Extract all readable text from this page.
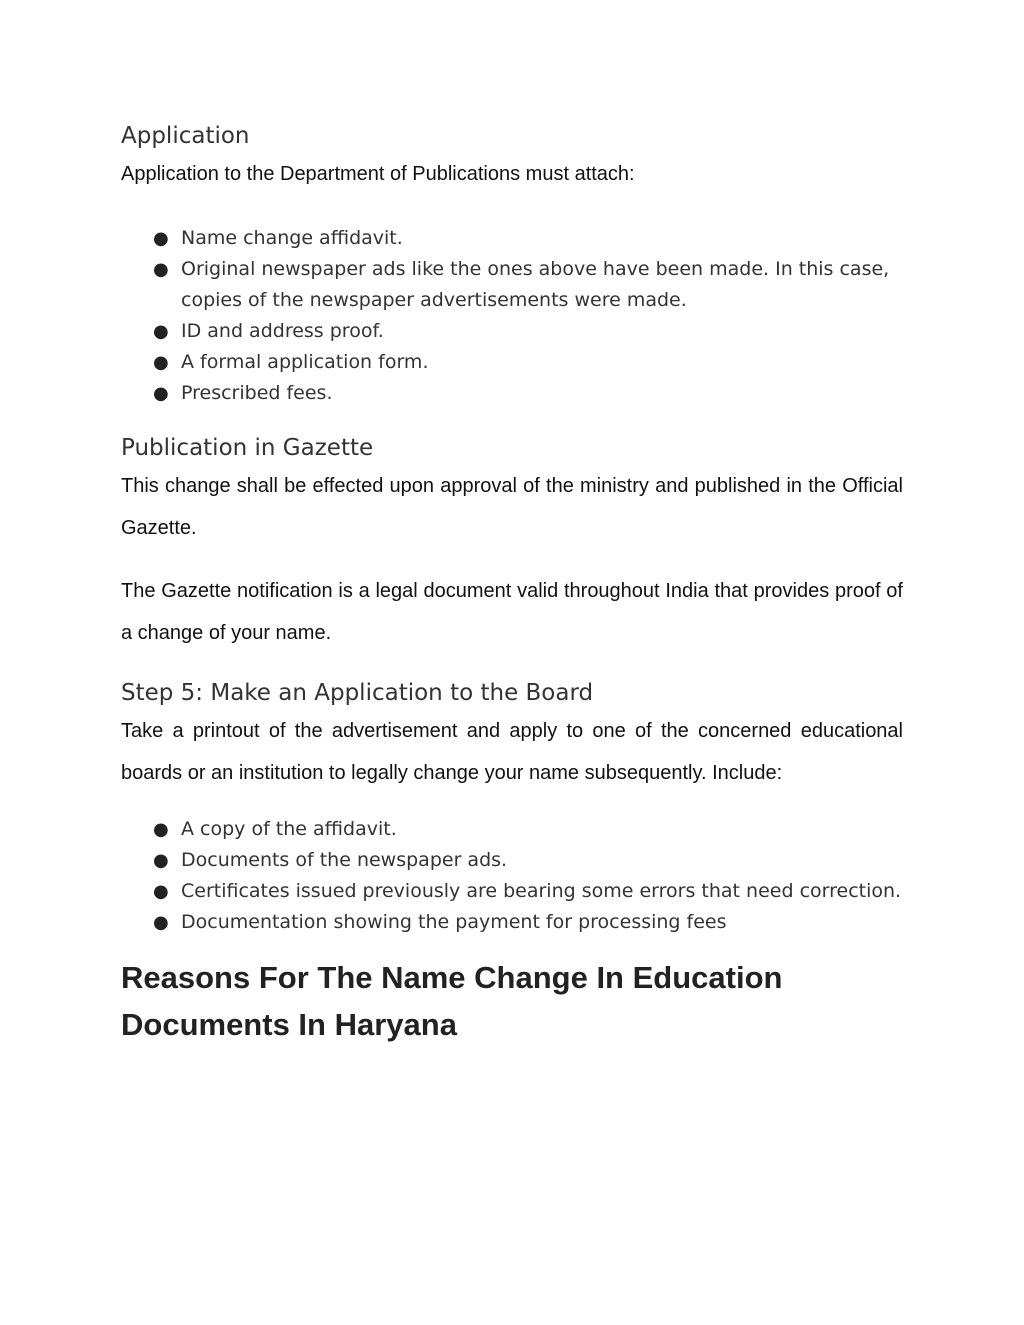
Application

Application to the Department of Publications must attach:

● Name change affidavit.
● Original newspaper ads like the ones above have been made. In this case, copies of the newspaper advertisements were made.
● ID and address proof.
● A formal application form.
● Prescribed fees.
Publication in Gazette

This change shall be effected upon approval of the ministry and published in the Official Gazette.

The Gazette notification is a legal document valid throughout India that provides proof of a change of your name.

Step 5: Make an Application to the Board

Take a printout of the advertisement and apply to one of the concerned educational boards or an institution to legally change your name subsequently. Include:

● A copy of the affidavit.
● Documents of the newspaper ads.
● Certificates issued previously are bearing some errors that need correction.
● Documentation showing the payment for processing fees
Reasons For The Name Change In Education Documents In Haryana
